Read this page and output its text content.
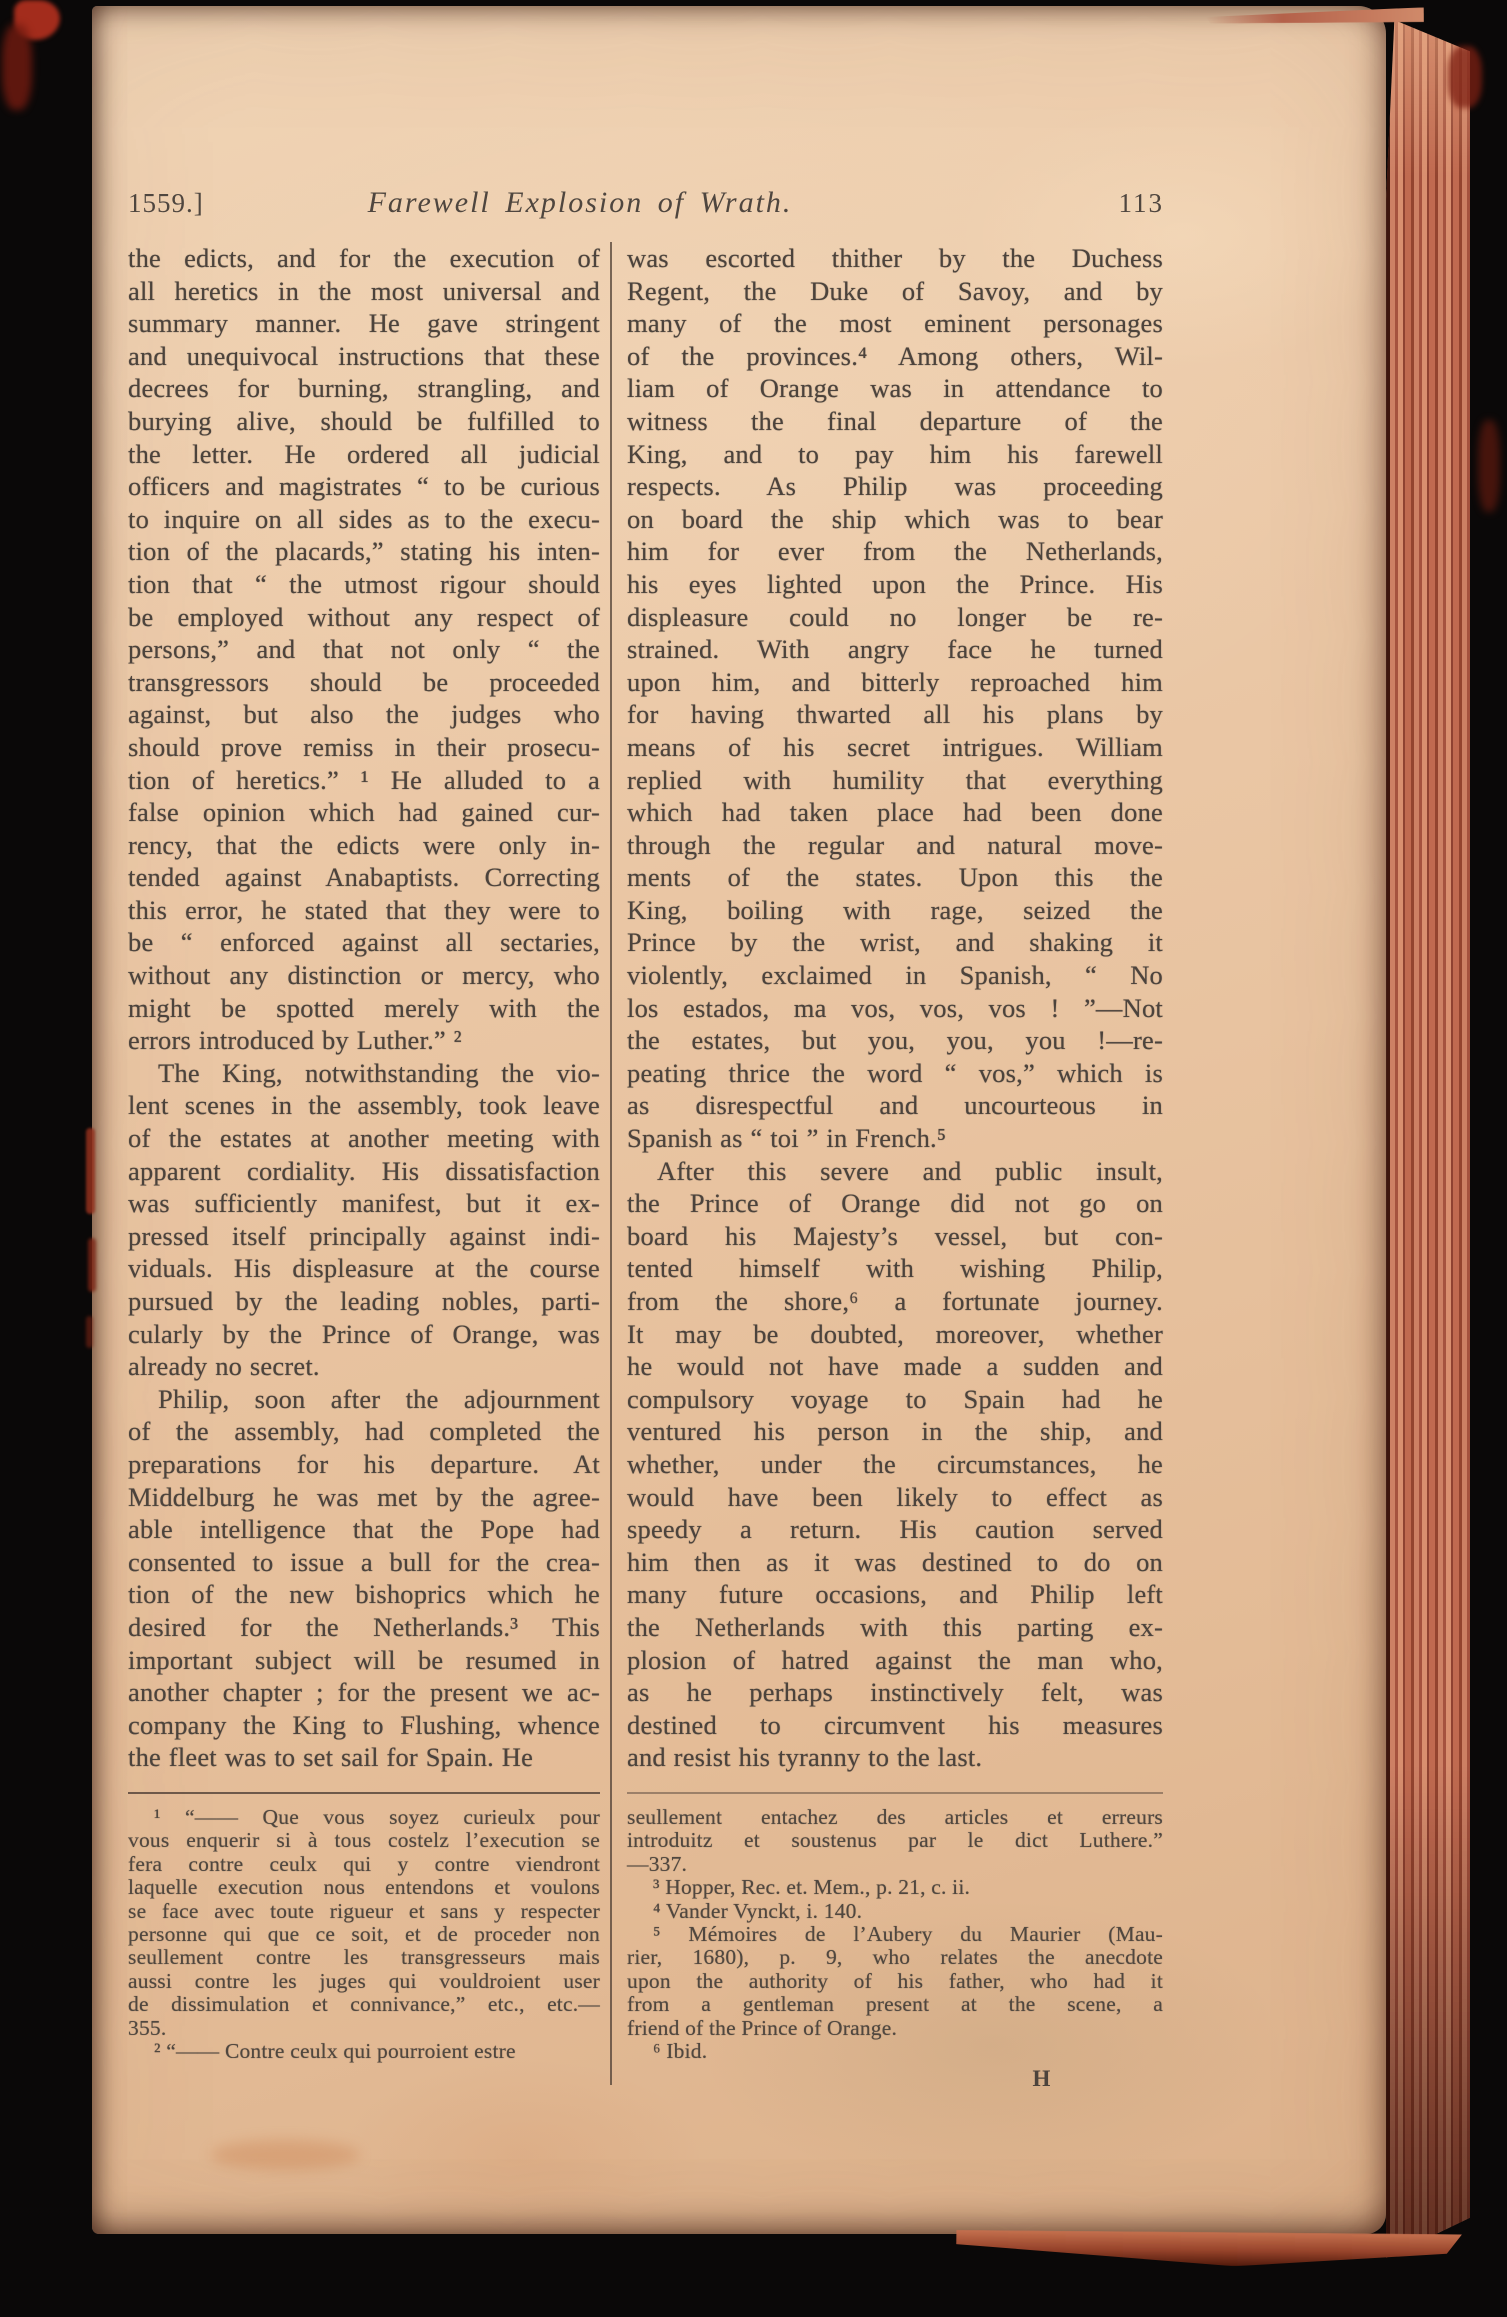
1559.]	Farewell Explosion of Wrath.	113
the edicts, and for the execution of
all heretics in the most universal and
summary manner. He gave stringent
and unequivocal instructions that these
decrees for burning, strangling, and
burying alive, should be fulfilled to
the letter. He ordered all judicial
officers and magistrates “ to be curious
to inquire on all sides as to the execu-
tion of the placards,” stating his inten-
tion that “ the utmost rigour should
be employed without any respect of
persons,” and that not only “ the
transgressors should be proceeded
against, but also the judges who
should prove remiss in their prosecu-
tion of heretics.” ¹ He alluded to a
false opinion which had gained cur-
rency, that the edicts were only in-
tended against Anabaptists. Correcting
this error, he stated that they were to
be “ enforced against all sectaries,
without any distinction or mercy, who
might be spotted merely with the
errors introduced by Luther.” ²
The King, notwithstanding the vio-
lent scenes in the assembly, took leave
of the estates at another meeting with
apparent cordiality. His dissatisfaction
was sufficiently manifest, but it ex-
pressed itself principally against indi-
viduals. His displeasure at the course
pursued by the leading nobles, parti-
cularly by the Prince of Orange, was
already no secret.
Philip, soon after the adjournment
of the assembly, had completed the
preparations for his departure. At
Middelburg he was met by the agree-
able intelligence that the Pope had
consented to issue a bull for the crea-
tion of the new bishoprics which he
desired for the Netherlands.³ This
important subject will be resumed in
another chapter ; for the present we ac-
company the King to Flushing, whence
the fleet was to set sail for Spain. He
was escorted thither by the Duchess
Regent, the Duke of Savoy, and by
many of the most eminent personages
of the provinces.⁴ Among others, Wil-
liam of Orange was in attendance to
witness the final departure of the
King, and to pay him his farewell
respects. As Philip was proceeding
on board the ship which was to bear
him for ever from the Netherlands,
his eyes lighted upon the Prince. His
displeasure could no longer be re-
strained. With angry face he turned
upon him, and bitterly reproached him
for having thwarted all his plans by
means of his secret intrigues. William
replied with humility that everything
which had taken place had been done
through the regular and natural move-
ments of the states. Upon this the
King, boiling with rage, seized the
Prince by the wrist, and shaking it
violently, exclaimed in Spanish, “ No
los estados, ma vos, vos, vos ! ”—Not
the estates, but you, you, you !—re-
peating thrice the word “ vos,” which is
as disrespectful and uncourteous in
Spanish as “ toi ” in French.⁵
After this severe and public insult,
the Prince of Orange did not go on
board his Majesty’s vessel, but con-
tented himself with wishing Philip,
from the shore,⁶ a fortunate journey.
It may be doubted, moreover, whether
he would not have made a sudden and
compulsory voyage to Spain had he
ventured his person in the ship, and
whether, under the circumstances, he
would have been likely to effect as
speedy a return. His caution served
him then as it was destined to do on
many future occasions, and Philip left
the Netherlands with this parting ex-
plosion of hatred against the man who,
as he perhaps instinctively felt, was
destined to circumvent his measures
and resist his tyranny to the last.
¹ “—— Que vous soyez curieulx pour
vous enquerir si à tous costelz l’execution se
fera contre ceulx qui y contre viendront
laquelle execution nous entendons et voulons
se face avec toute rigueur et sans y respecter
personne qui que ce soit, et de proceder non
seullement contre les transgresseurs mais
aussi contre les juges qui vouldroient user
de dissimulation et connivance,” etc., etc.—
355.
² “—— Contre ceulx qui pourroient estre
seullement entachez des articles et erreurs
introduitz et soustenus par le dict Luthere.”
—337.
³ Hopper, Rec. et. Mem., p. 21, c. ii.
⁴ Vander Vynckt, i. 140.
⁵ Mémoires de l’Aubery du Maurier (Mau-
rier, 1680), p. 9, who relates the anecdote
upon the authority of his father, who had it
from a gentleman present at the scene, a
friend of the Prince of Orange.
⁶ Ibid.
H
